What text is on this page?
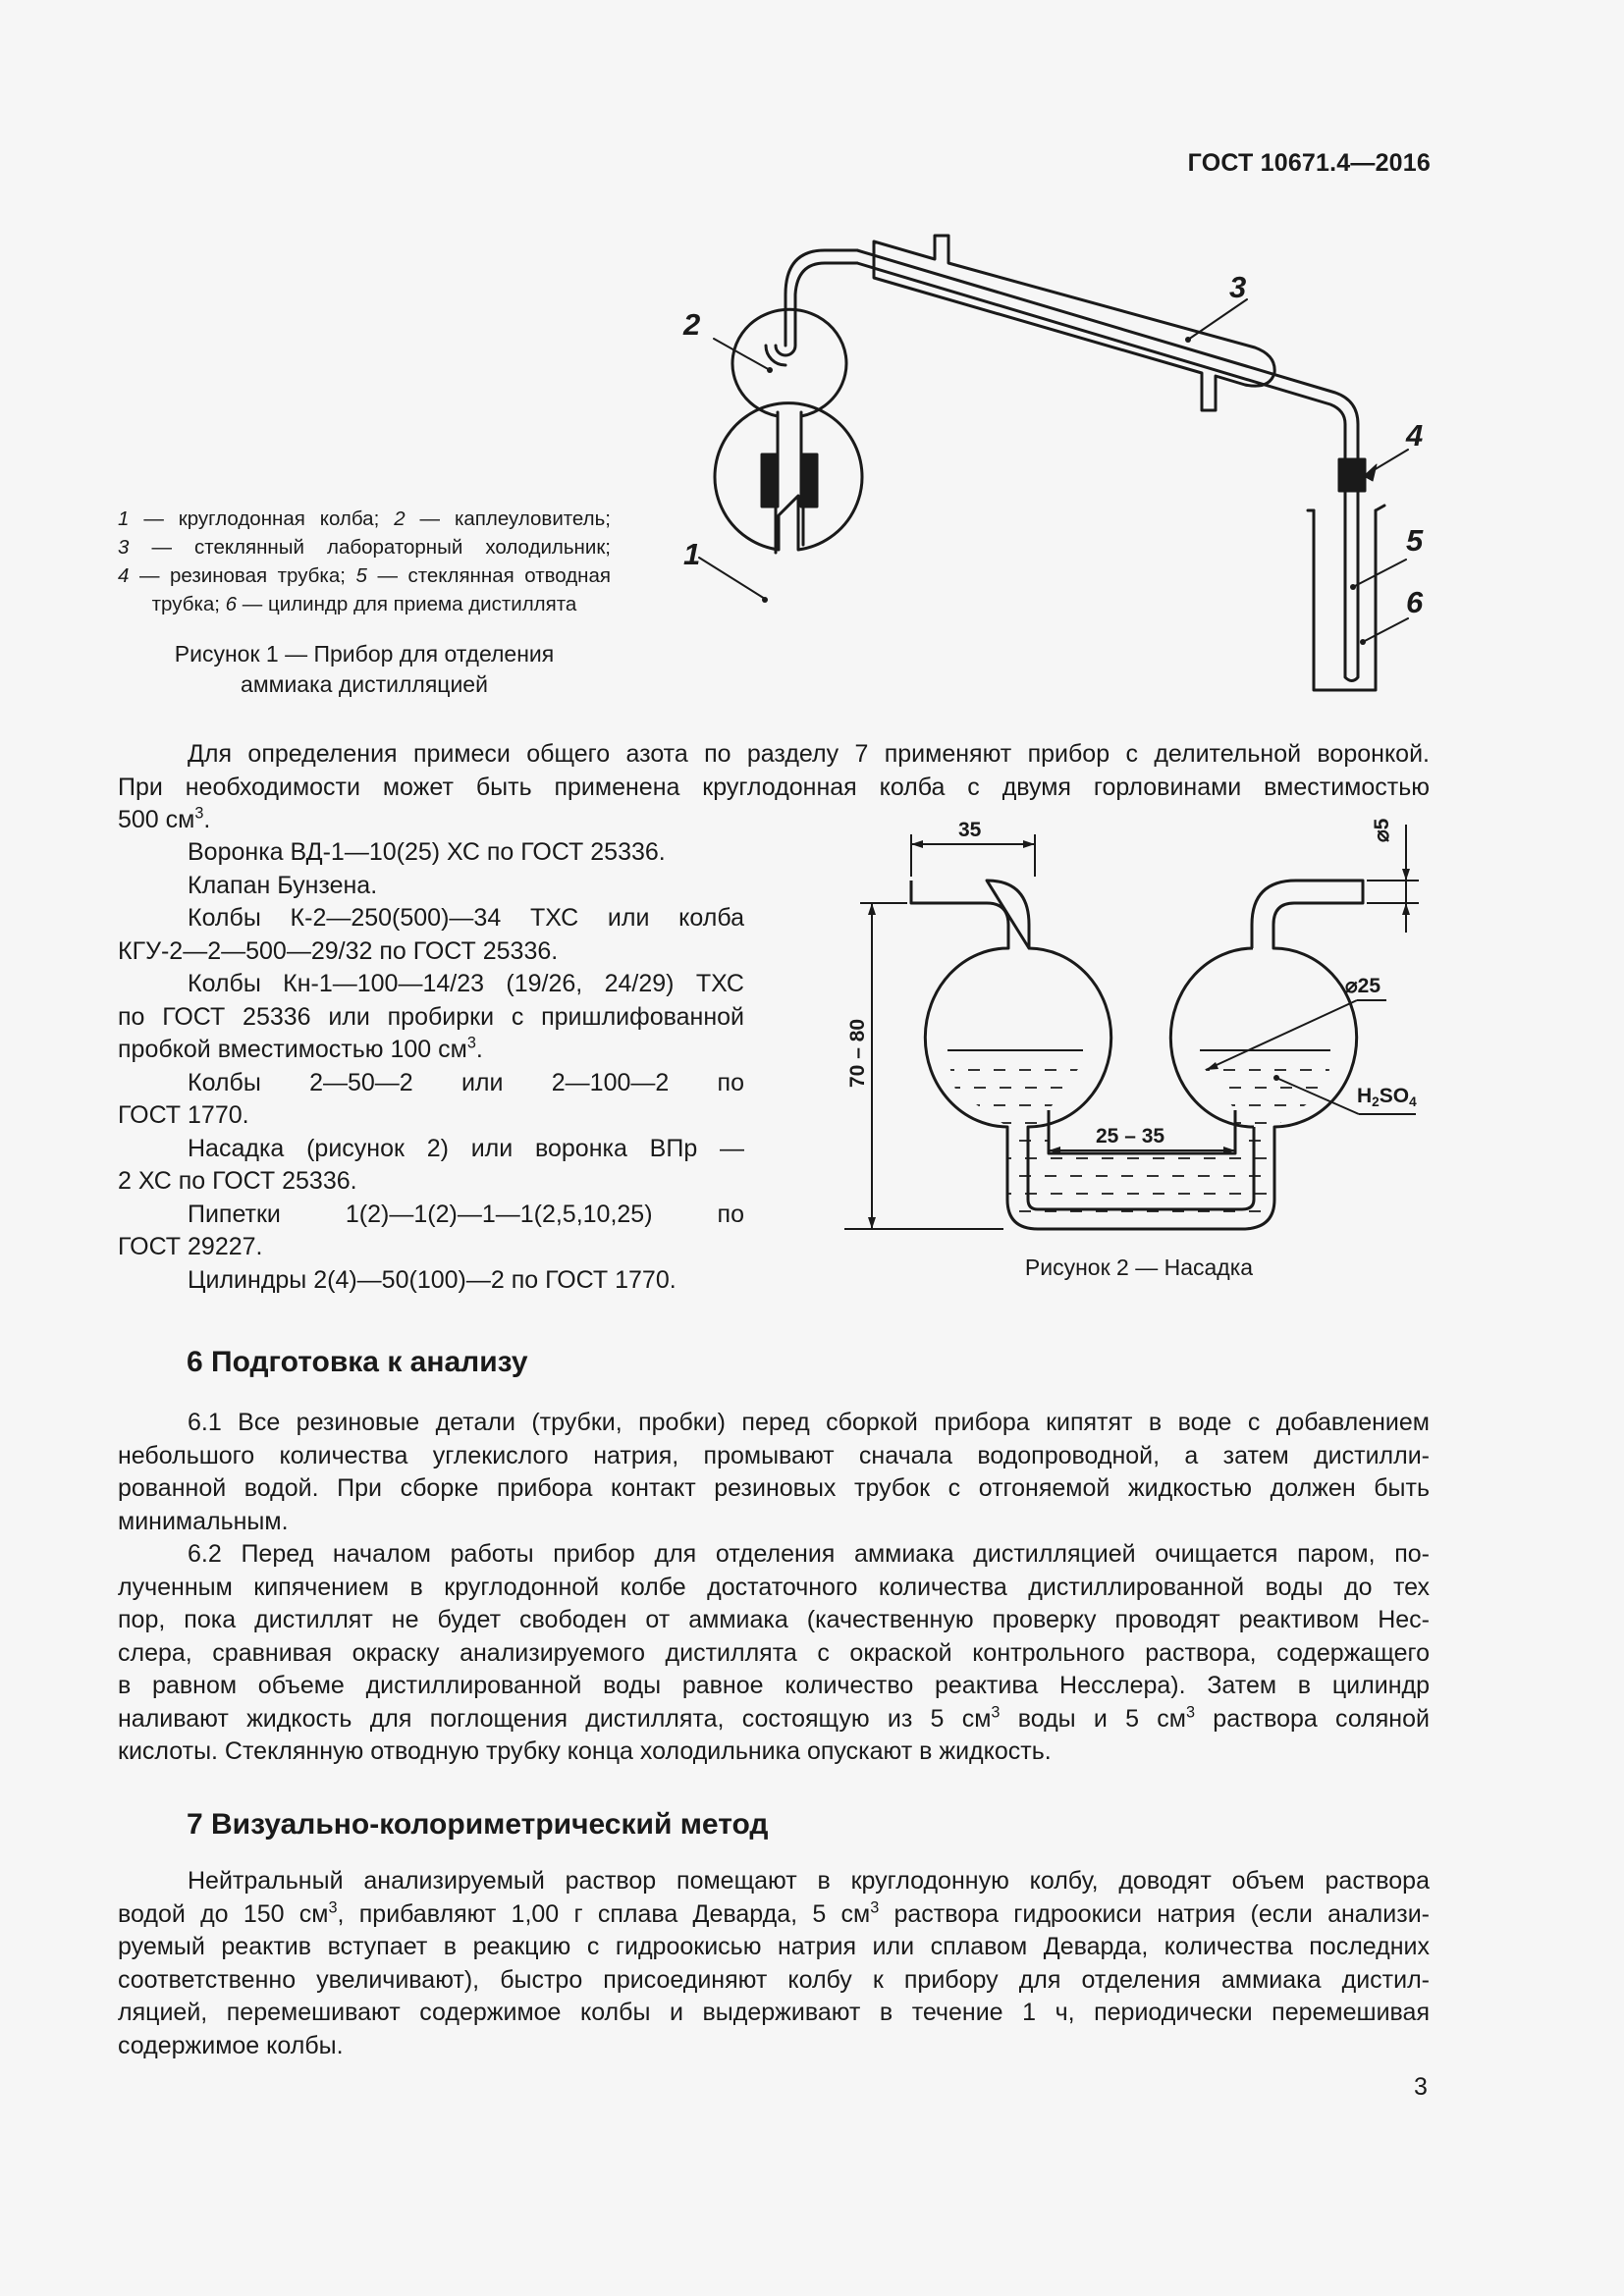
ГОСТ 10671.4—2016
1 — круглодонная колба; 2 — каплеуловитель;
3 — стеклянный лабораторный холодильник;
4 — резиновая трубка; 5 — стеклянная отводная
трубка; 6 — цилиндр для приема дистиллята
Рисунок 1 — Прибор для отделения
аммиака дистилляцией
2
3
4
5
6
1
Для определения примеси общего азота по разделу 7 применяют прибор с делительной воронкой.
При необходимости может быть применена круглодонная колба с двумя горловинами вместимостью
500 $см^3$.
Воронка ВД-1—10(25) ХС по ГОСТ 25336.
Клапан Бунзена.
Колбы К-2—250(500)—34 ТХС или колба
КГУ-2—2—500—29/32 по ГОСТ 25336.
Колбы Кн-1—100—14/23 (19/26, 24/29) ТХС
по ГОСТ 25336 или пробирки с пришлифованной
пробкой вместимостью 100 $см^3$.
Колбы 2—50—2 или 2—100—2 по
ГОСТ 1770.
Насадка (рисунок 2) или воронка ВПр —
2 ХС по ГОСТ 25336.
Пипетки 1(2)—1(2)—1—1(2,5,10,25) по
ГОСТ 29227.
Цилиндры 2(4)—50(100)—2 по ГОСТ 1770.
35	⌀5
⌀25
70 – 80
25 – 35
$H_2SO_4$
Рисунок 2 — Насадка
6 Подготовка к анализу
6.1 Все резиновые детали (трубки, пробки) перед сборкой прибора кипятят в воде с добавлением
небольшого количества углекислого натрия, промывают сначала водопроводной, а затем дистилли-
рованной водой. При сборке прибора контакт резиновых трубок с отгоняемой жидкостью должен быть
минимальным.
6.2 Перед началом работы прибор для отделения аммиака дистилляцией очищается паром, по-
лученным кипячением в круглодонной колбе достаточного количества дистиллированной воды до тех
пор, пока дистиллят не будет свободен от аммиака (качественную проверку проводят реактивом Нес-
слера, сравнивая окраску анализируемого дистиллята с окраской контрольного раствора, содержащего
в равном объеме дистиллированной воды равное количество реактива Несслера). Затем в цилиндр
наливают жидкость для поглощения дистиллята, состоящую из 5 $см^3$ воды и 5 $см^3$ раствора соляной
кислоты. Стеклянную отводную трубку конца холодильника опускают в жидкость.
7 Визуально-колориметрический метод
Нейтральный анализируемый раствор помещают в круглодонную колбу, доводят объем раствора
водой до 150 $см^3$, прибавляют 1,00 г сплава Деварда, 5 $см^3$ раствора гидроокиси натрия (если анализи-
руемый реактив вступает в реакцию с гидроокисью натрия или сплавом Деварда, количества последних
соответственно увеличивают), быстро присоединяют колбу к прибору для отделения аммиака дистил-
ляцией, перемешивают содержимое колбы и выдерживают в течение 1 ч, периодически перемешивая
содержимое колбы.
3
